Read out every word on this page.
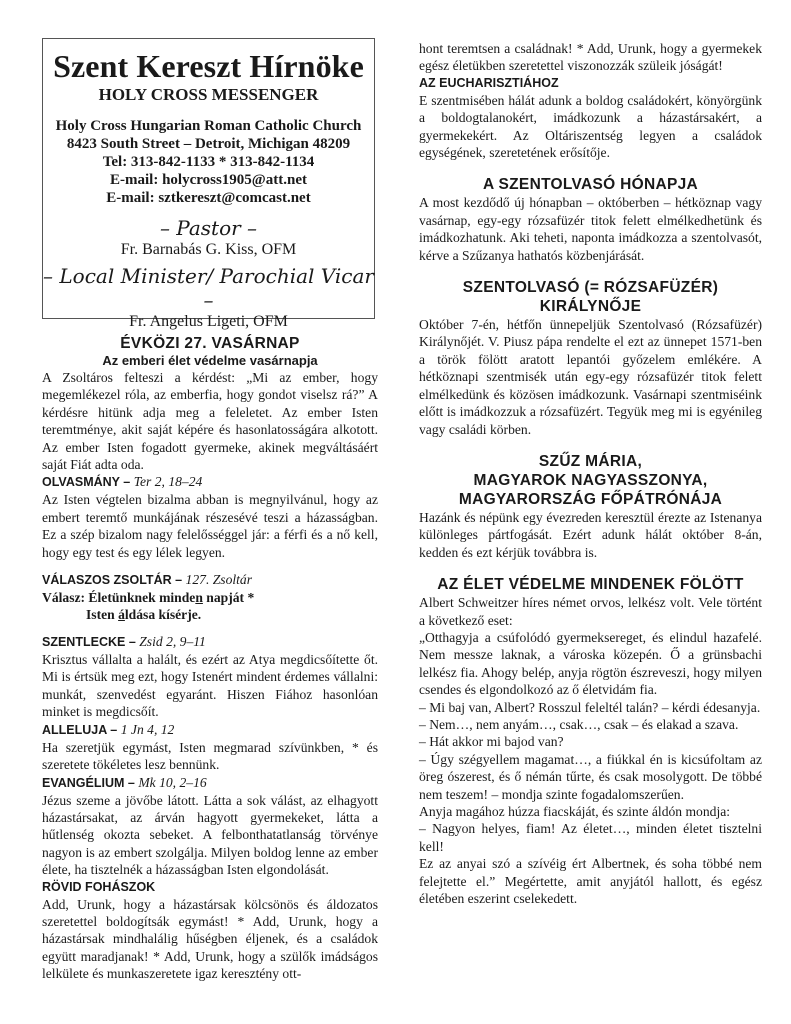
Szent Kereszt Hírnöke
HOLY CROSS MESSENGER
Holy Cross Hungarian Roman Catholic Church
8423 South Street – Detroit, Michigan 48209
Tel: 313-842-1133 * 313-842-1134
E-mail: holycross1905@att.net
E-mail: sztkereszt@comcast.net
– Pastor –
Fr. Barnabás G. Kiss, OFM
– Local Minister/ Parochial Vicar –
Fr. Angelus Ligeti, OFM

ÉVKÖZI 27. VASÁRNAP

Az emberi élet védelme vasárnapja

A Zsoltáros felteszi a kérdést: „Mi az ember, hogy megemlékezel róla, az emberfia, hogy gondot viselsz rá?” A kérdésre hitünk adja meg a feleletet. Az ember Isten teremtménye, akit saját képére és hasonlatosságára alkotott. Az ember Isten fogadott gyermeke, akinek megváltásáért saját Fiát adta oda.

OLVASMÁNY – Ter 2, 18–24

Az Isten végtelen bizalma abban is megnyilvánul, hogy az embert teremtő munkájának részesévé teszi a házasságban. Ez a szép bizalom nagy felelősséggel jár: a férfi és a nő kell, hogy egy test és egy lélek legyen.

VÁLASZOS ZSOLTÁR – 127. Zsoltár

Válasz: Életünknek minden napját *

Isten áldása kísérje.

SZENTLECKE – Zsid 2, 9–11

Krisztus vállalta a halált, és ezért az Atya megdicsőítette őt. Mi is értsük meg ezt, hogy Istenért mindent érdemes vállalni: munkát, szenvedést egyaránt. Hiszen Fiához hasonlóan minket is megdicsőít.

ALLELUJA – 1 Jn 4, 12

Ha szeretjük egymást, Isten megmarad szívünkben, * és szeretete tökéletes lesz bennünk.

EVANGÉLIUM – Mk 10, 2–16

Jézus szeme a jövőbe látott. Látta a sok válást, az elhagyott házastársakat, az árván hagyott gyermekeket, látta a hűtlenség okozta sebeket. A felbonthatatlanság törvénye nagyon is az embert szolgálja. Milyen boldog lenne az ember élete, ha tisztelnék a házasságban Isten elgondolását.

RÖVID FOHÁSZOK

Add, Urunk, hogy a házastársak kölcsönös és áldozatos szeretettel boldogítsák egymást! * Add, Urunk, hogy a házastársak mindhalálig hűségben éljenek, és a családok együtt maradjanak! * Add, Urunk, hogy a szülők imádságos lelkülete és munkaszeretete igaz keresztény ott-

hont teremtsen a családnak! * Add, Urunk, hogy a gyermekek egész életükben szeretettel viszonozzák szüleik jóságát!

AZ EUCHARISZTIÁHOZ

E szentmisében hálát adunk a boldog családokért, könyörgünk a boldogtalanokért, imádkozunk a házastársakért, a gyermekekért. Az Oltáriszentség legyen a családok egységének, szeretetének erősítője.

A SZENTOLVASÓ HÓNAPJA

A most kezdődő új hónapban – októberben – hétköznap vagy vasárnap, egy-egy rózsafüzér titok felett elmélkedhetünk és imádkozhatunk. Aki teheti, naponta imádkozza a szentolvasót, kérve a Szűzanya hathatós közbenjárását.

SZENTOLVASÓ (= RÓZSAFÜZÉR)

KIRÁLYNŐJE

Október 7-én, hétfőn ünnepeljük Szentolvasó (Rózsafüzér) Királynőjét. V. Piusz pápa rendelte el ezt az ünnepet 1571-ben a török fölött aratott lepantói győzelem emlékére. A hétköznapi szentmisék után egy-egy rózsafüzér titok felett elmélkedünk és közösen imádkozunk. Vasárnapi szentmiséink előtt is imádkozzuk a rózsafüzért. Tegyük meg mi is egyénileg vagy családi körben.

SZŰZ MÁRIA,

MAGYAROK NAGYASSZONYA,

MAGYARORSZÁG FŐPÁTRÓNÁJA

Hazánk és népünk egy évezreden keresztül érezte az Istenanya különleges pártfogását. Ezért adunk hálát október 8-án, kedden és ezt kérjük továbbra is.

AZ ÉLET VÉDELME MINDENEK FÖLÖTT

Albert Schweitzer híres német orvos, lelkész volt. Vele történt a következő eset:

„Otthagyja a csúfolódó gyermeksereget, és elindul hazafelé. Nem messze laknak, a városka közepén. Ő a grünsbachi lelkész fia. Ahogy belép, anyja rögtön észreveszi, hogy milyen csendes és elgondolkozó az ő életvidám fia.

– Mi baj van, Albert? Rosszul feleltél talán? – kérdi édesanyja.

– Nem…, nem anyám…, csak…, csak – és elakad a szava.

– Hát akkor mi bajod van?

– Úgy szégyellem magamat…, a fiúkkal én is kicsúfoltam az öreg ószerest, és ő némán tűrte, és csak mosolygott. De többé nem teszem! – mondja szinte fogadalomszerűen.

Anyja magához húzza fiacskáját, és szinte áldón mondja:

– Nagyon helyes, fiam! Az életet…, minden életet tisztelni kell!

Ez az anyai szó a szívéig ért Albertnek, és soha többé nem felejtette el.” Megértette, amit anyjától hallott, és egész életében eszerint cselekedett.
